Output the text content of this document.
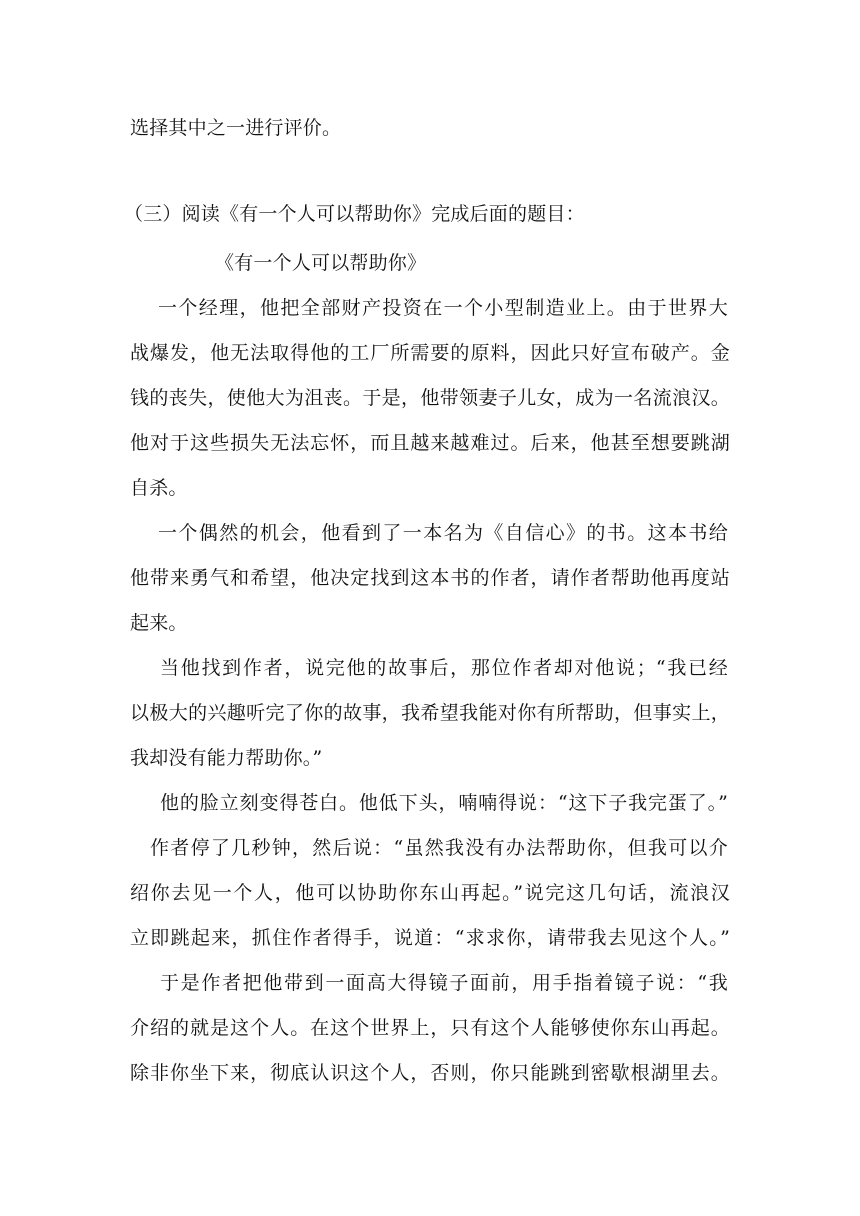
选择其中之一进行评价。
（三）阅读《有一个人可以帮助你》完成后面的题目：
《有一个人可以帮助你》
一个经理，他把全部财产投资在一个小型制造业上。由于世界大
战爆发，他无法取得他的工厂所需要的原料，因此只好宣布破产。金
钱的丧失，使他大为沮丧。于是，他带领妻子儿女，成为一名流浪汉。
他对于这些损失无法忘怀，而且越来越难过。后来，他甚至想要跳湖
自杀。
一个偶然的机会，他看到了一本名为《自信心》的书。这本书给
他带来勇气和希望，他决定找到这本书的作者，请作者帮助他再度站
起来。
当他找到作者，说完他的故事后，那位作者却对他说；“我已经
以极大的兴趣听完了你的故事，我希望我能对你有所帮助，但事实上，
我却没有能力帮助你。”
他的脸立刻变得苍白。他低下头，喃喃得说：“这下子我完蛋了。”
作者停了几秒钟，然后说：“虽然我没有办法帮助你，但我可以介
绍你去见一个人，他可以协助你东山再起。”说完这几句话，流浪汉
立即跳起来，抓住作者得手，说道：“求求你，请带我去见这个人。”
于是作者把他带到一面高大得镜子面前，用手指着镜子说：“我
介绍的就是这个人。在这个世界上，只有这个人能够使你东山再起。
除非你坐下来，彻底认识这个人，否则，你只能跳到密歇根湖里去。
